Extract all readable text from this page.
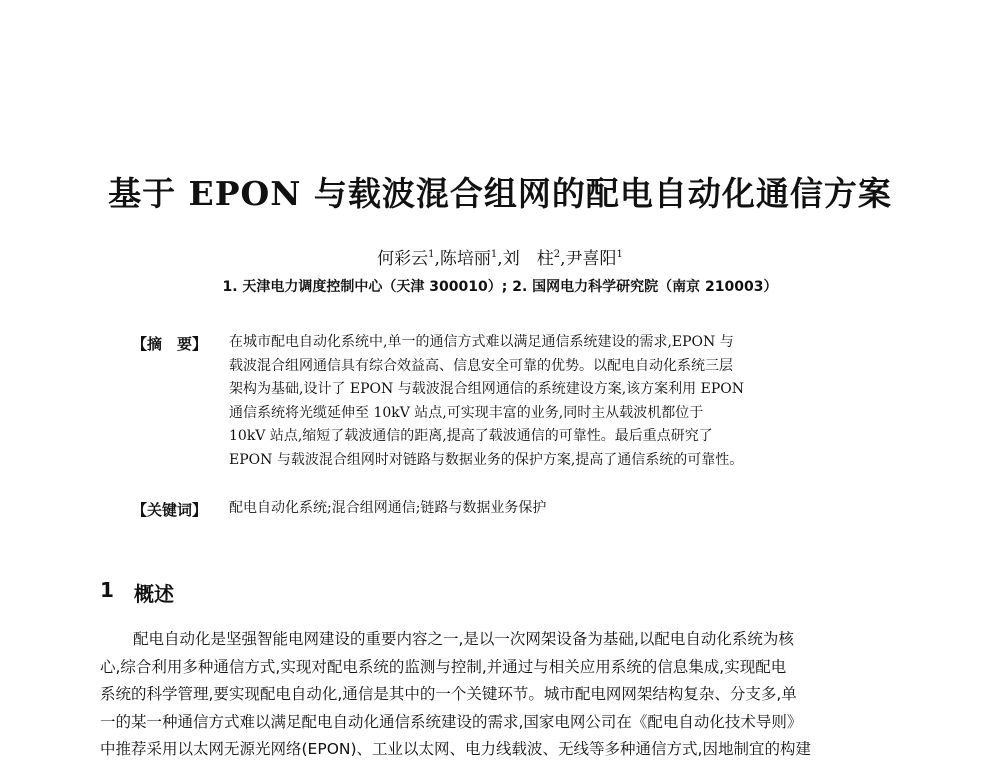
基于 EPON 与载波混合组网的配电自动化通信方案
何彩云$^1$,陈培丽$^1$,刘　柱$^2$,尹喜阳$^1$
1. 天津电力调度控制中心（天津 300010）; 2. 国网电力科学研究院（南京 210003）
【摘　要】 在城市配电自动化系统中,单一的通信方式难以满足通信系统建设的需求,EPON 与
载波混合组网通信具有综合效益高、信息安全可靠的优势。以配电自动化系统三层
架构为基础,设计了 EPON 与载波混合组网通信的系统建设方案,该方案利用 EPON
通信系统将光缆延伸至 10kV 站点,可实现丰富的业务,同时主从载波机都位于
10kV 站点,缩短了载波通信的距离,提高了载波通信的可靠性。最后重点研究了
EPON 与载波混合组网时对链路与数据业务的保护方案,提高了通信系统的可靠性。
【关键词】 配电自动化系统;混合组网通信;链路与数据业务保护
1 概述
配电自动化是坚强智能电网建设的重要内容之一,是以一次网架设备为基础,以配电自动化系统为核
心,综合利用多种通信方式,实现对配电系统的监测与控制,并通过与相关应用系统的信息集成,实现配电
系统的科学管理,要实现配电自动化,通信是其中的一个关键环节。城市配电网网架结构复杂、分支多,单
一的某一种通信方式难以满足配电自动化通信系统建设的需求,国家电网公司在《配电自动化技术导则》
中推荐采用以太网无源光网络(EPON)、工业以太网、电力线载波、无线等多种通信方式,因地制宜的构建
